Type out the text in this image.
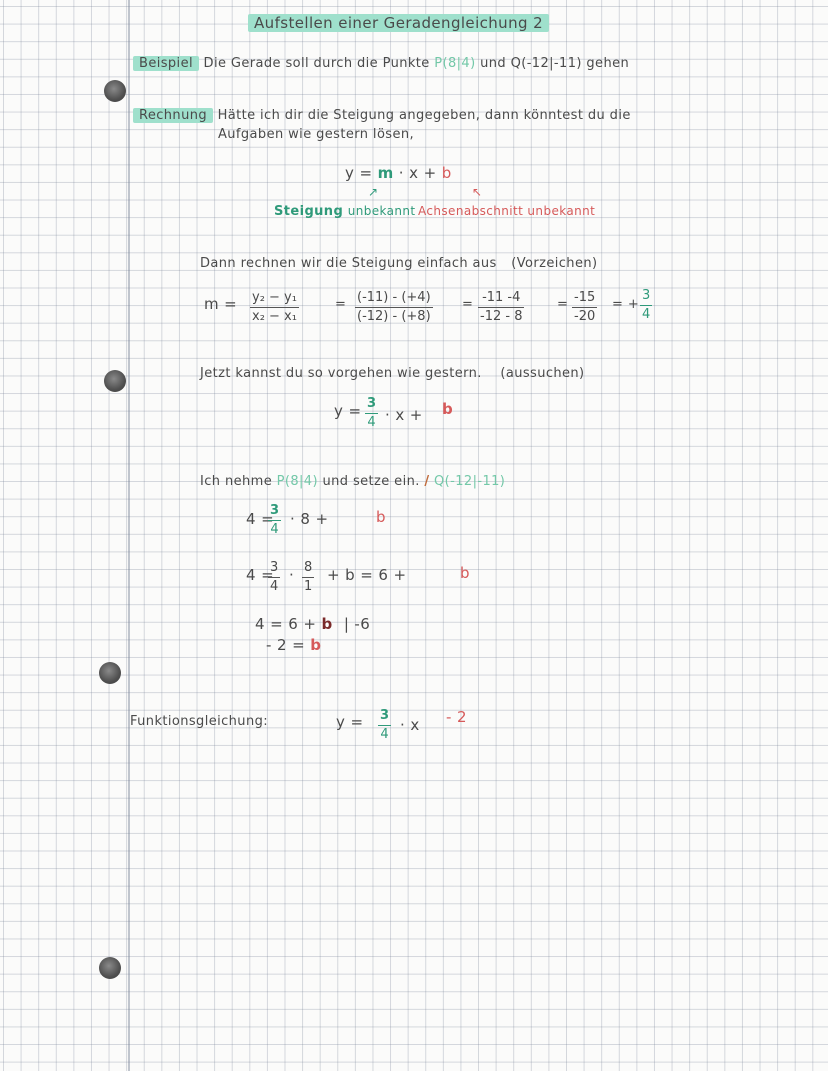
Aufstellen einer Geradengleichung 2
Beispiel Die Gerade soll durch die Punkte P(8|4) und Q(-12|-11) gehen
Rechnung Hätte ich dir die Steigung angegeben, dann könntest du die
Aufgaben wie gestern lösen,
y = m · x + b
↗	↖
Steigung unbekannt Achsenabschnitt unbekannt
Dann rechnen wir die Steigung einfach aus (Vorzeichen)
$m = \frac{\text{y₂ − y₁}}{\text{x₂ − x₁}}$	= $\frac{(-11) - (+4)}{(-12) - (+8)} = \frac{-11 -4}{-12 - 8}$	= $\frac{-15}{-20}$ = + $\frac{3}{4}$
Jetzt kannst du so vorgehen wie gestern. (aussuchen)
$y = \frac{3}{4} \cdot x + b$
Ich nehme P(8|4) und setze ein. / Q(-12|-11)
4 =
$\frac{3}{4} \cdot 8$ +	b
4 =
$\frac{3}{4} \cdot \frac{8}{1} + b = 6$ +	b
4 = 6 + b | -6
- 2 = b
Funktionsgleichung:	$y = \frac{3}{4} \cdot x - 2$
